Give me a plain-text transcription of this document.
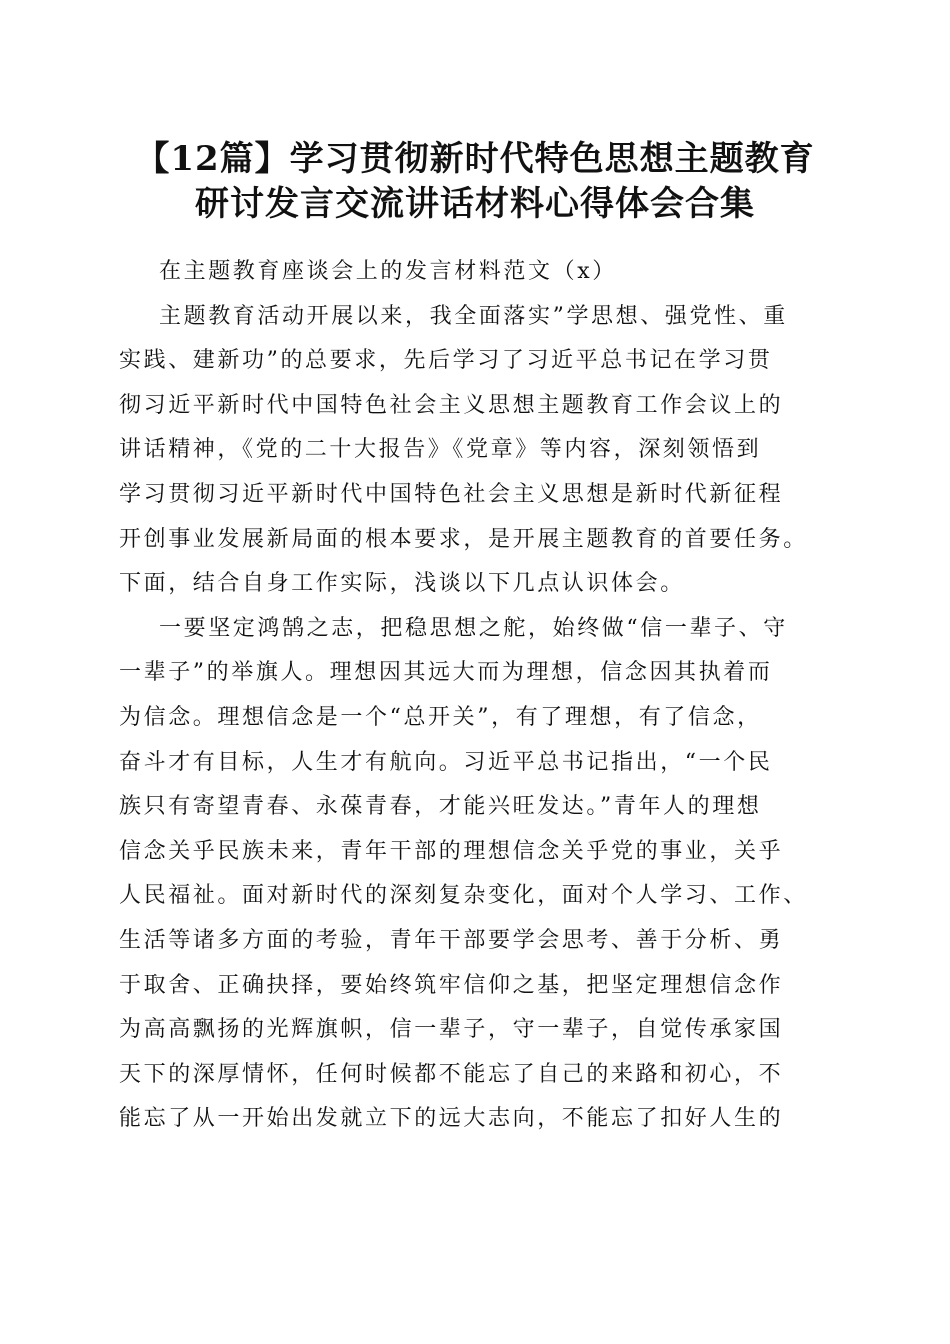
【12篇】学习贯彻新时代特色思想主题教育
研讨发言交流讲话材料心得体会合集
在主题教育座谈会上的发言材料范文（x）
主题教育活动开展以来，我全面落实”学思想、强党性、重
实践、建新功”的总要求，先后学习了习近平总书记在学习贯
彻习近平新时代中国特色社会主义思想主题教育工作会议上的
讲话精神，《党的二十大报告》《党章》等内容，深刻领悟到
学习贯彻习近平新时代中国特色社会主义思想是新时代新征程
开创事业发展新局面的根本要求，是开展主题教育的首要任务。
下面，结合自身工作实际，浅谈以下几点认识体会。
一要坚定鸿鹄之志，把稳思想之舵，始终做“信一辈子、守
一辈子”的举旗人。理想因其远大而为理想，信念因其执着而
为信念。理想信念是一个“总开关”，有了理想，有了信念，
奋斗才有目标，人生才有航向。习近平总书记指出，“一个民
族只有寄望青春、永葆青春，才能兴旺发达。”青年人的理想
信念关乎民族未来，青年干部的理想信念关乎党的事业，关乎
人民福祉。面对新时代的深刻复杂变化，面对个人学习、工作、
生活等诸多方面的考验，青年干部要学会思考、善于分析、勇
于取舍、正确抉择，要始终筑牢信仰之基，把坚定理想信念作
为高高飘扬的光辉旗帜，信一辈子，守一辈子，自觉传承家国
天下的深厚情怀，任何时候都不能忘了自己的来路和初心，不
能忘了从一开始出发就立下的远大志向，不能忘了扣好人生的
